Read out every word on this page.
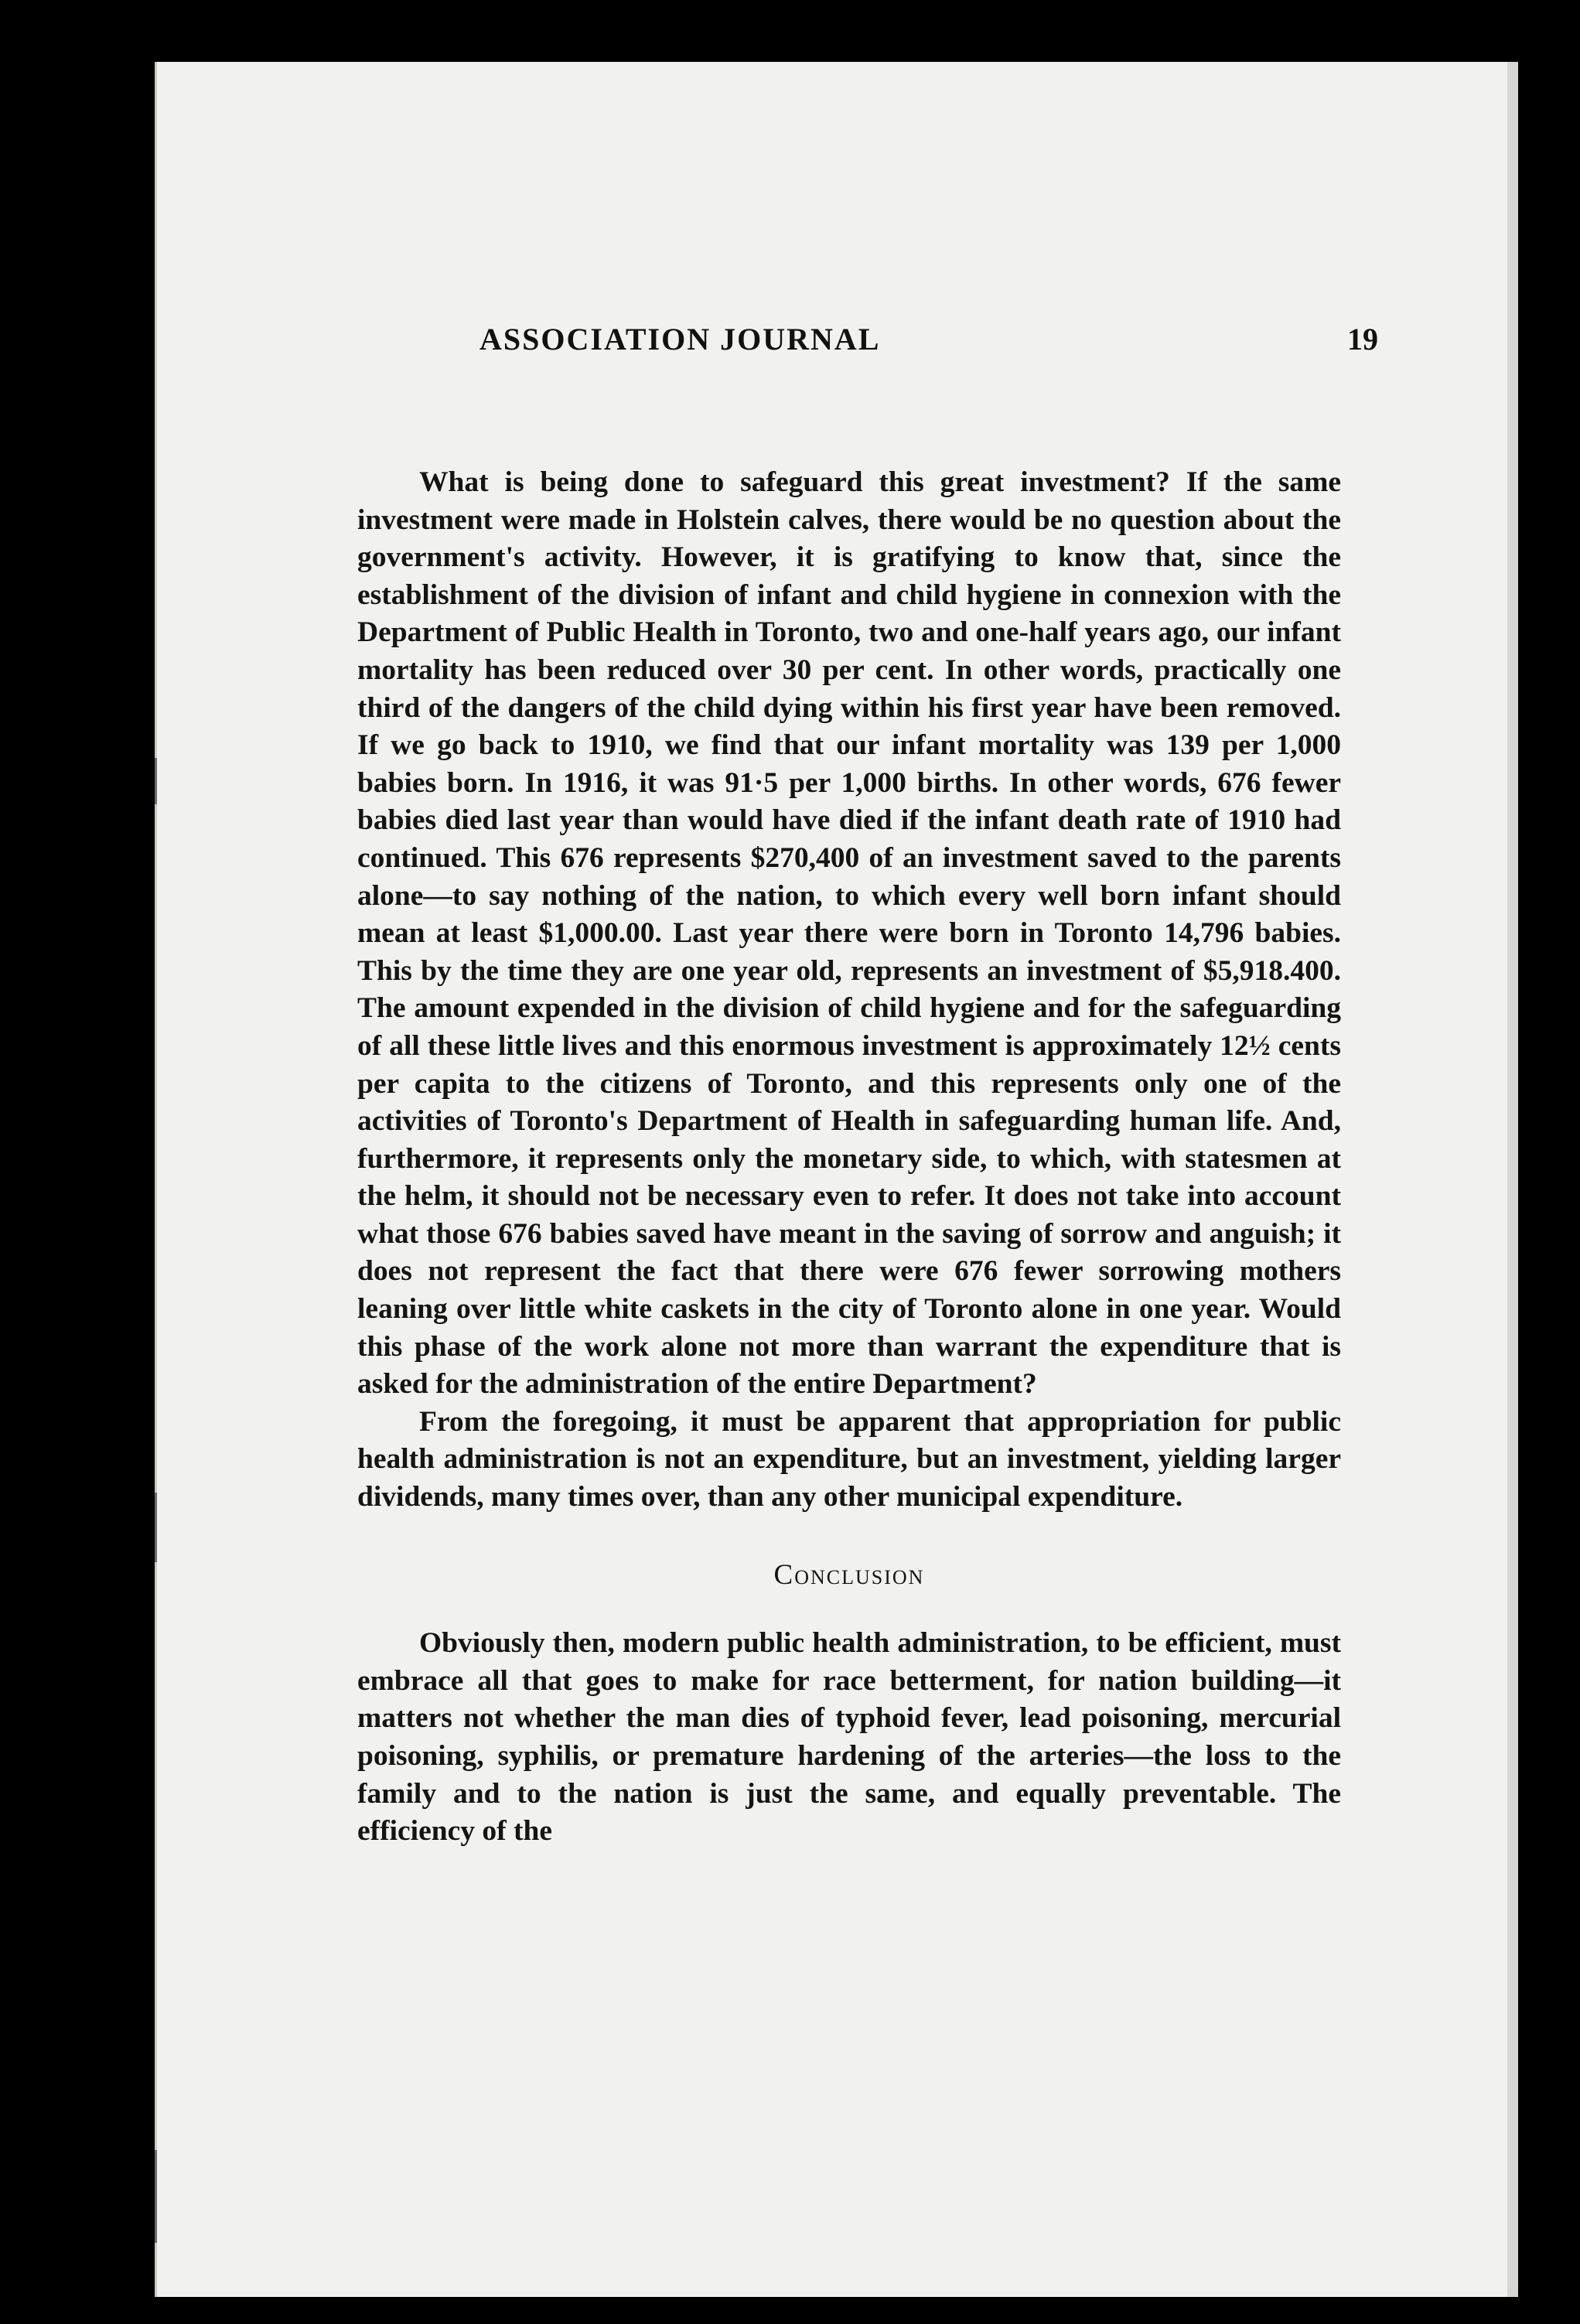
ASSOCIATION JOURNAL	19

What is being done to safeguard this great investment? If the same investment were made in Holstein calves, there would be no question about the government's activity. However, it is gratifying to know that, since the establishment of the division of infant and child hygiene in connexion with the Department of Public Health in Toronto, two and one-half years ago, our infant mortality has been reduced over 30 per cent. In other words, practically one third of the dangers of the child dying within his first year have been removed. If we go back to 1910, we find that our infant mortality was 139 per 1,000 babies born. In 1916, it was 91·5 per 1,000 births. In other words, 676 fewer babies died last year than would have died if the infant death rate of 1910 had continued. This 676 represents $270,400 of an investment saved to the parents alone—to say nothing of the nation, to which every well born infant should mean at least $1,000.00. Last year there were born in Toronto 14,796 babies. This by the time they are one year old, represents an investment of $5,918.400. The amount expended in the division of child hygiene and for the safeguarding of all these little lives and this enormous investment is approximately 12½ cents per capita to the citizens of Toronto, and this represents only one of the activities of Toronto's Department of Health in safeguarding human life. And, furthermore, it represents only the monetary side, to which, with statesmen at the helm, it should not be necessary even to refer. It does not take into account what those 676 babies saved have meant in the saving of sorrow and anguish; it does not represent the fact that there were 676 fewer sorrowing mothers leaning over little white caskets in the city of Toronto alone in one year. Would this phase of the work alone not more than warrant the expenditure that is asked for the administration of the entire Department?

From the foregoing, it must be apparent that appropriation for public health administration is not an expenditure, but an investment, yielding larger dividends, many times over, than any other municipal expenditure.

Conclusion

Obviously then, modern public health administration, to be efficient, must embrace all that goes to make for race betterment, for nation building—it matters not whether the man dies of typhoid fever, lead poisoning, mercurial poisoning, syphilis, or premature hardening of the arteries—the loss to the family and to the nation is just the same, and equally preventable. The efficiency of the
